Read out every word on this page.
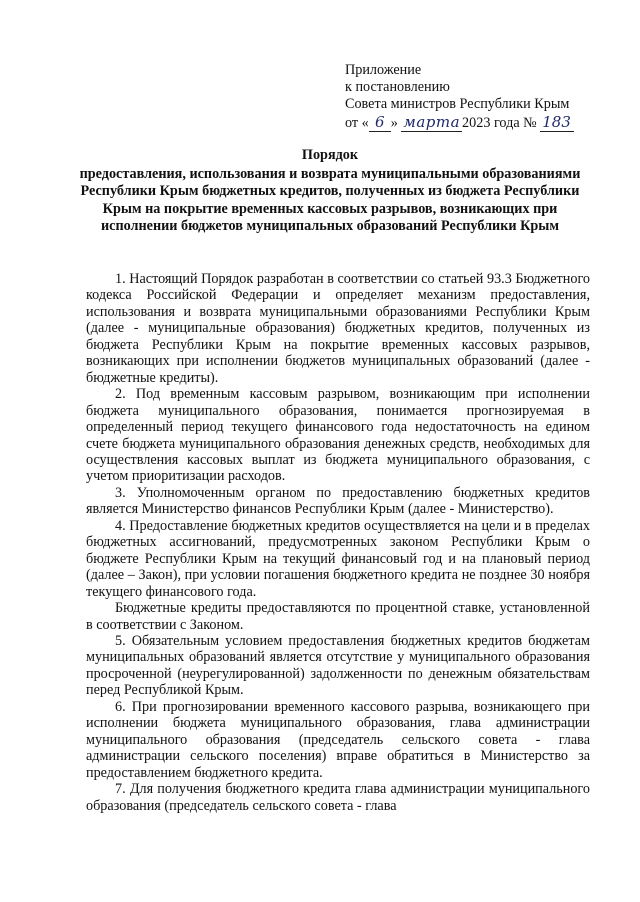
Приложение
к постановлению
Совета министров Республики Крым
от « 6 » марта 2023 года № 183
Порядок
предоставления, использования и возврата муниципальными образованиями Республики Крым бюджетных кредитов, полученных из бюджета Республики Крым на покрытие временных кассовых разрывов, возникающих при исполнении бюджетов муниципальных образований Республики Крым

1. Настоящий Порядок разработан в соответствии со статьей 93.3 Бюджетного кодекса Российской Федерации и определяет механизм предоставления, использования и возврата муниципальными образованиями Республики Крым (далее - муниципальные образования) бюджетных кредитов, полученных из бюджета Республики Крым на покрытие временных кассовых разрывов, возникающих при исполнении бюджетов муниципальных образований (далее - бюджетные кредиты).

2. Под временным кассовым разрывом, возникающим при исполнении бюджета муниципального образования, понимается прогнозируемая в определенный период текущего финансового года недостаточность на едином счете бюджета муниципального образования денежных средств, необходимых для осуществления кассовых выплат из бюджета муниципального образования, с учетом приоритизации расходов.

3. Уполномоченным органом по предоставлению бюджетных кредитов является Министерство финансов Республики Крым (далее - Министерство).

4. Предоставление бюджетных кредитов осуществляется на цели и в пределах бюджетных ассигнований, предусмотренных законом Республики Крым о бюджете Республики Крым на текущий финансовый год и на плановый период (далее – Закон), при условии погашения бюджетного кредита не позднее 30 ноября текущего финансового года.

Бюджетные кредиты предоставляются по процентной ставке, установленной в соответствии с Законом.

5. Обязательным условием предоставления бюджетных кредитов бюджетам муниципальных образований является отсутствие у муниципального образования просроченной (неурегулированной) задолженности по денежным обязательствам перед Республикой Крым.

6. При прогнозировании временного кассового разрыва, возникающего при исполнении бюджета муниципального образования, глава администрации муниципального образования (председатель сельского совета - глава администрации сельского поселения) вправе обратиться в Министерство за предоставлением бюджетного кредита.

7. Для получения бюджетного кредита глава администрации муниципального образования (председатель сельского совета - глава
